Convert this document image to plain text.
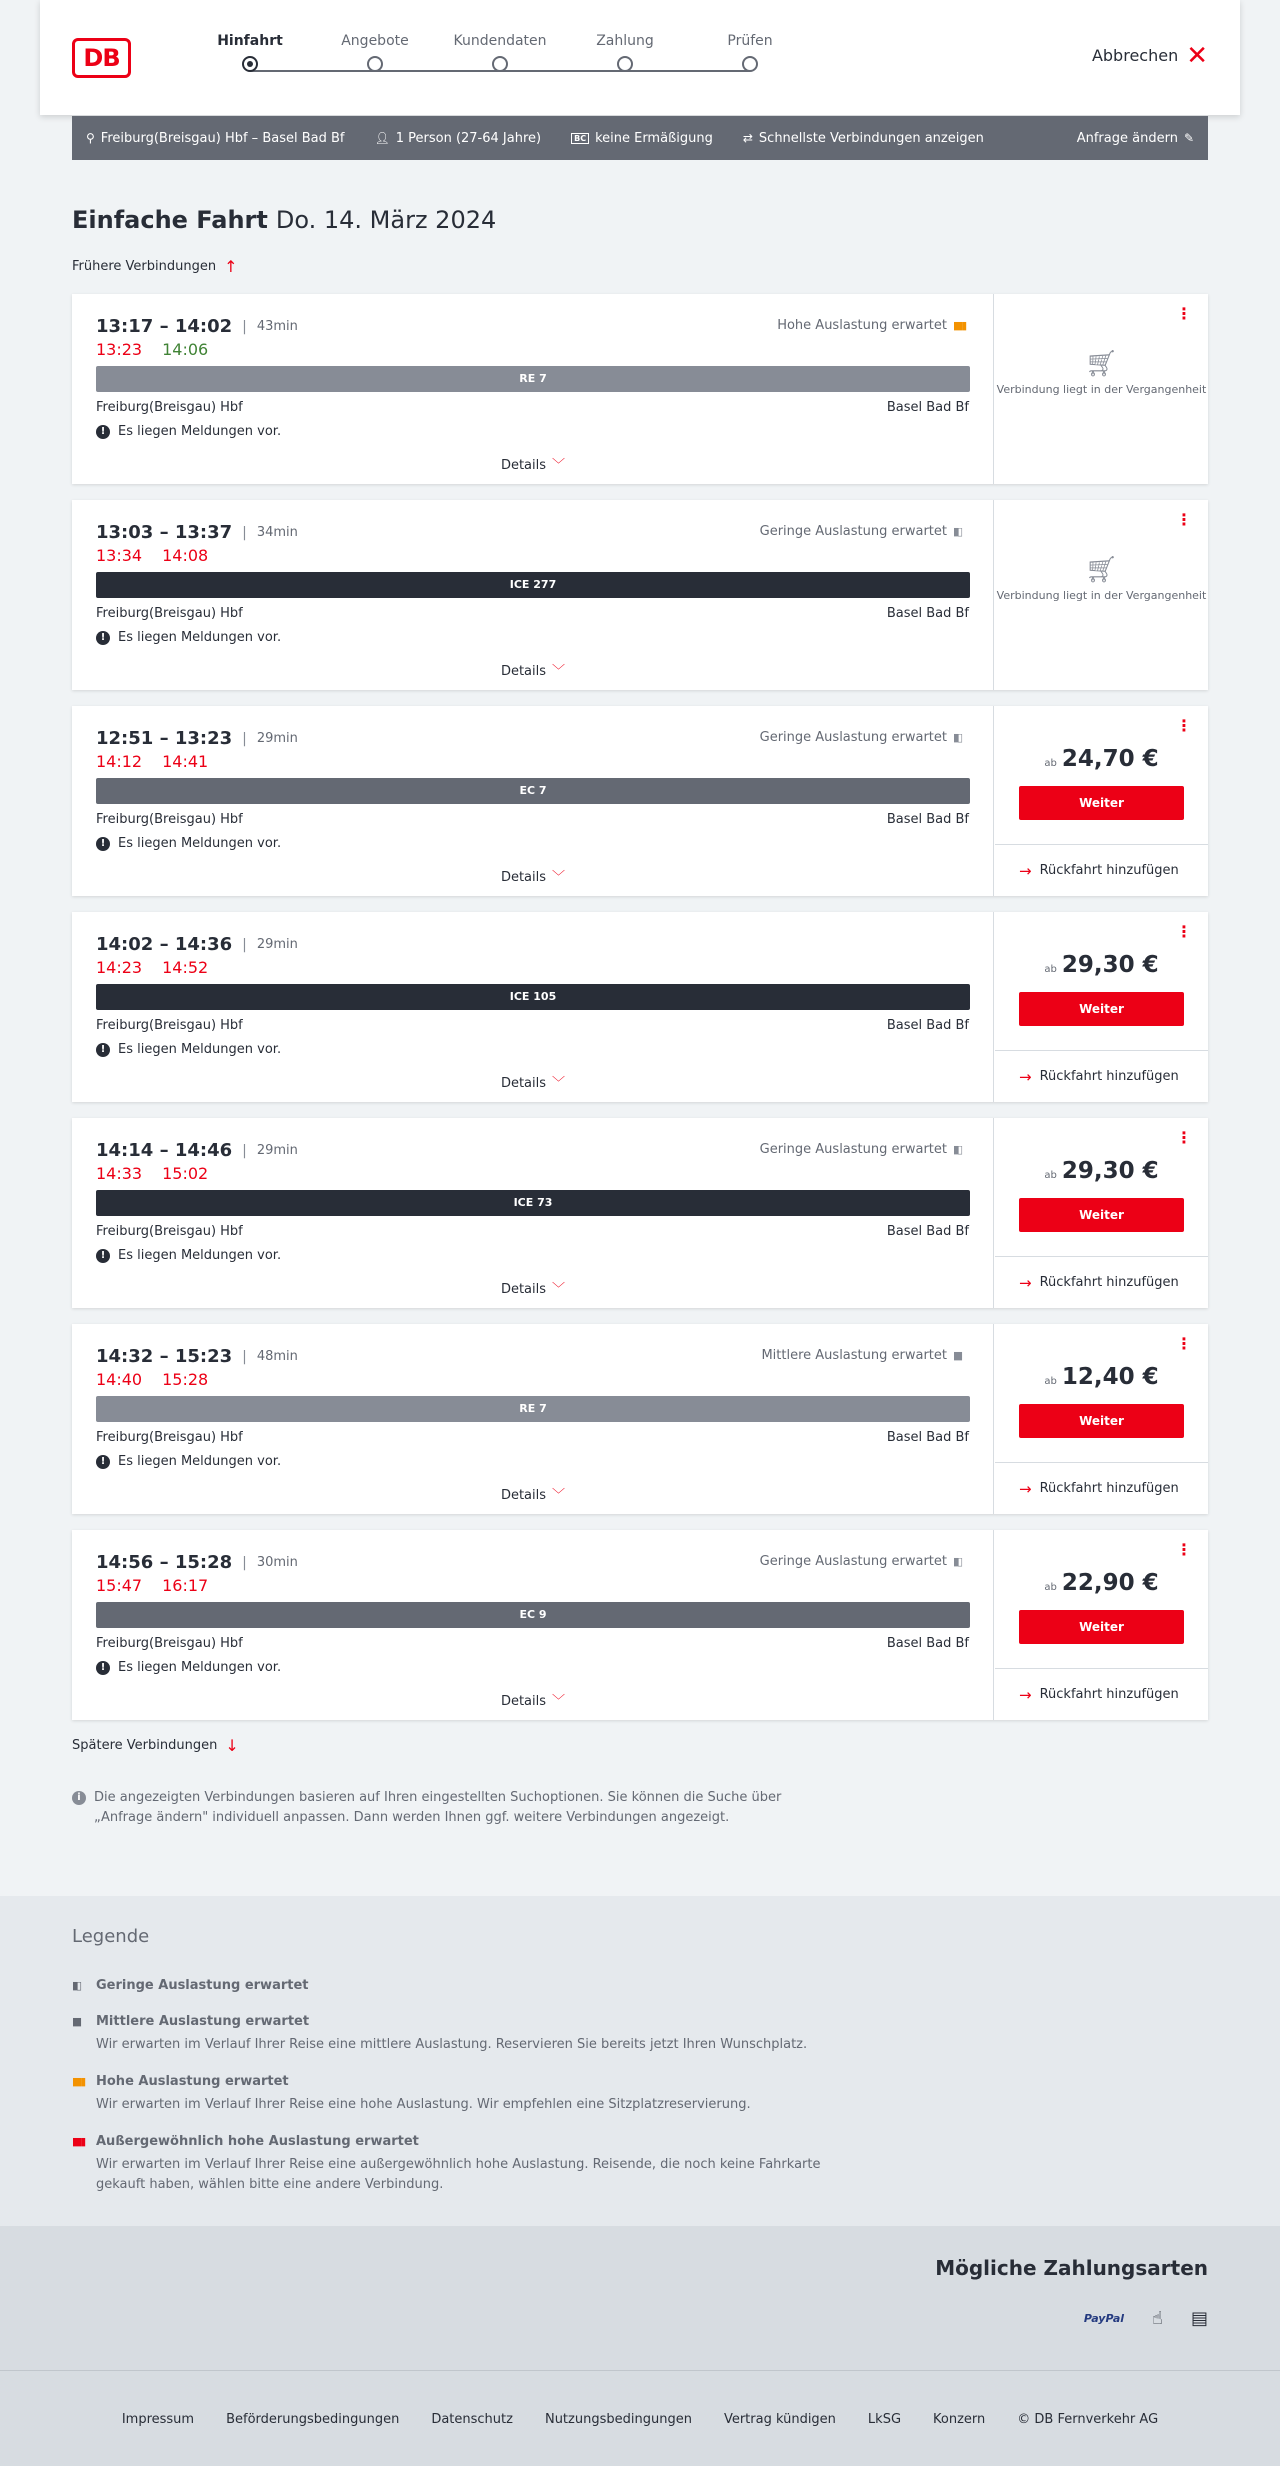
DB
Hinfahrt	Angebote	Kundendaten	Zahlung	Prüfen
Abbrechen ✕
⚲ Freiburg(Breisgau) Hbf – Basel Bad Bf	👤︎ 1 Person (27-64 Jahre)	BC keine Ermäßigung	⇄ Schnellste Verbindungen anzeigen	Anfrage ändern ✎
Einfache Fahrt Do. 14. März 2024
Frühere Verbindungen ↑
13:17 – 14:02 | 43min
13:23 14:06
Hohe Auslastung erwartet ▮▮▮
RE 7
Freiburg(Breisgau) Hbf	Basel Bad Bf
! Es liegen Meldungen vor.
Details ﹀
⋮
🛒︎
Verbindung liegt in der Vergangenheit
13:03 – 13:37 | 34min
13:34 14:08
Geringe Auslastung erwartet ▮▯
ICE 277
Freiburg(Breisgau) Hbf	Basel Bad Bf
! Es liegen Meldungen vor.
Details ﹀
⋮
🛒︎
Verbindung liegt in der Vergangenheit
12:51 – 13:23 | 29min
14:12 14:41
Geringe Auslastung erwartet ▮▯
EC 7
Freiburg(Breisgau) Hbf	Basel Bad Bf
! Es liegen Meldungen vor.
Details ﹀
⋮
ab 24,70 €
Weiter
→ Rückfahrt hinzufügen
14:02 – 14:36 | 29min
14:23 14:52
ICE 105
Freiburg(Breisgau) Hbf	Basel Bad Bf
! Es liegen Meldungen vor.
Details ﹀
⋮
ab 29,30 €
Weiter
→ Rückfahrt hinzufügen
14:14 – 14:46 | 29min
14:33 15:02
Geringe Auslastung erwartet ▮▯
ICE 73
Freiburg(Breisgau) Hbf	Basel Bad Bf
! Es liegen Meldungen vor.
Details ﹀
⋮
ab 29,30 €
Weiter
→ Rückfahrt hinzufügen
14:32 – 15:23 | 48min
14:40 15:28
Mittlere Auslastung erwartet ▮▮
RE 7
Freiburg(Breisgau) Hbf	Basel Bad Bf
! Es liegen Meldungen vor.
Details ﹀
⋮
ab 12,40 €
Weiter
→ Rückfahrt hinzufügen
14:56 – 15:28 | 30min
15:47 16:17
Geringe Auslastung erwartet ▮▯
EC 9
Freiburg(Breisgau) Hbf	Basel Bad Bf
! Es liegen Meldungen vor.
Details ﹀
⋮
ab 22,90 €
Weiter
→ Rückfahrt hinzufügen
Spätere Verbindungen ↓
i	Die angezeigten Verbindungen basieren auf Ihren eingestellten Suchoptionen. Sie können die Suche über „Anfrage ändern" individuell anpassen. Dann werden Ihnen ggf. weitere Verbindungen angezeigt.
Legende
▮▯	Geringe Auslastung erwartet
▮▮	Mittlere Auslastung erwartet
Wir erwarten im Verlauf Ihrer Reise eine mittlere Auslastung. Reservieren Sie bereits jetzt Ihren Wunschplatz.
▮▮▮ Hohe Auslastung erwartet
Wir erwarten im Verlauf Ihrer Reise eine hohe Auslastung. Wir empfehlen eine Sitzplatzreservierung.
▮▮▮ Außergewöhnlich hohe Auslastung erwartet
Wir erwarten im Verlauf Ihrer Reise eine außergewöhnlich hohe Auslastung. Reisende, die noch keine Fahrkarte gekauft haben, wählen bitte eine andere Verbindung.
Mögliche Zahlungsarten
PayPal ☝ ▤
Impressum Beförderungsbedingungen Datenschutz Nutzungsbedingungen Vertrag kündigen LkSG Konzern © DB Fernverkehr AG
